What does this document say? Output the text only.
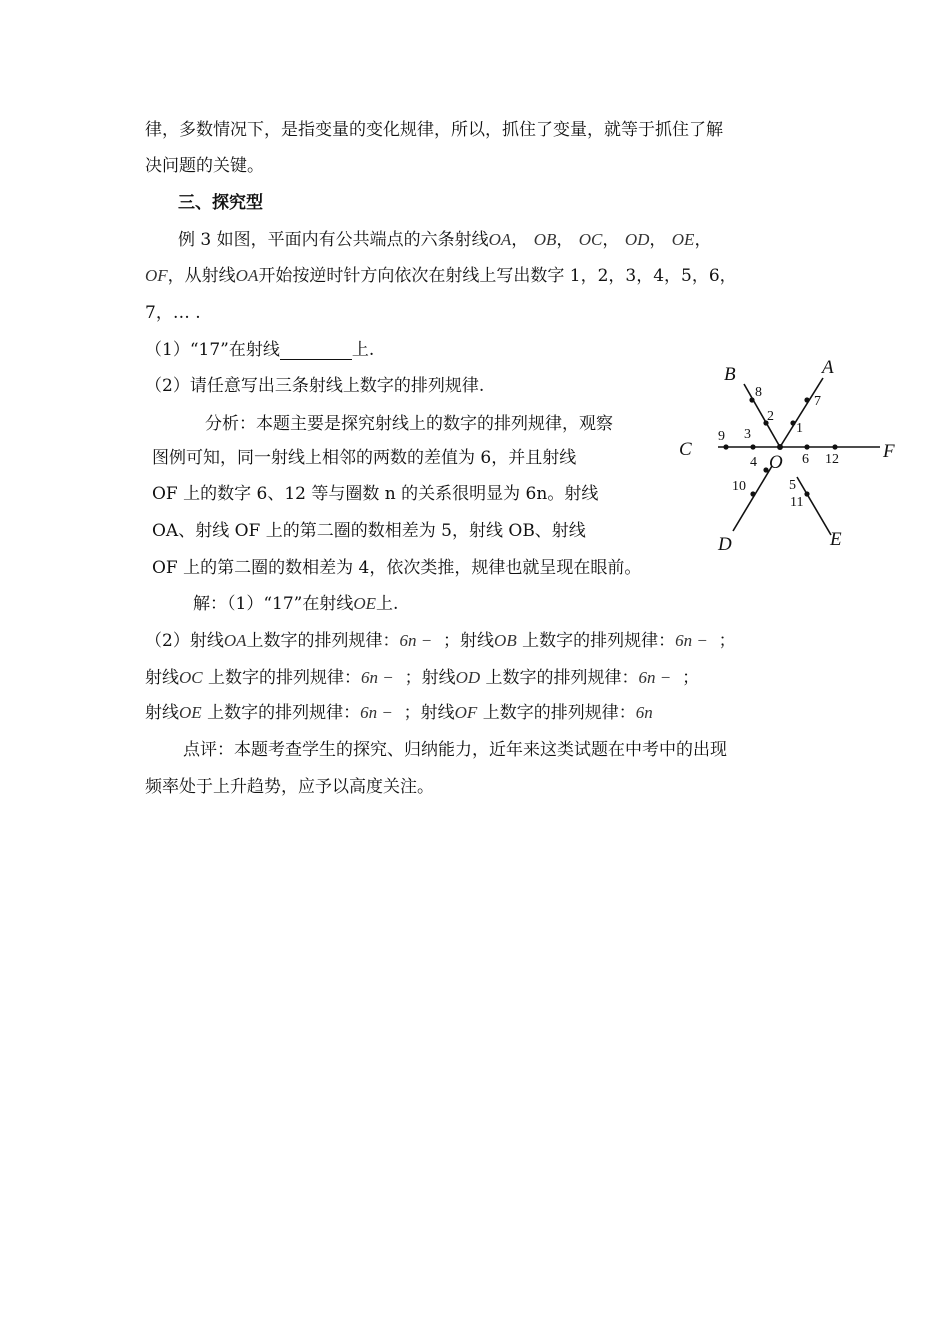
律，多数情况下，是指变量的变化规律，所以，抓住了变量，就等于抓住了解
决问题的关键。
三、探究型
例 3 如图，平面内有公共端点的六条射线OA， OB， OC， OD， OE，
OF，从射线OA开始按逆时针方向依次在射线上写出数字 1，2，3，4，5，6，
7，… .
（1）“17”在射线	上.
（2）请任意写出三条射线上数字的排列规律.
分析：本题主要是探究射线上的数字的排列规律，观察
图例可知，同一射线上相邻的两数的差值为 6，并且射线
OF 上的数字 6、12 等与圈数 n 的关系很明显为 6n。射线
OA、射线 OF 上的第二圈的数相差为 5，射线 OB、射线
OF 上的第二圈的数相差为 4，依次类推，规律也就呈现在眼前。
解：（1）“17”在射线OE上.
（2）射线OA上数字的排列规律：6n − ；射线OB 上数字的排列规律：6n − ；
射线OC 上数字的排列规律：6n − ；射线OD 上数字的排列规律：6n − ；
射线OE 上数字的排列规律：6n − ；射线OF 上数字的排列规律：6n
点评：本题考查学生的探究、归纳能力，近年来这类试题在中考中的出现
频率处于上升趋势，应予以高度关注。
A
B
C
D	E
F
O
1
2
3
4
5
6
7
8
9
10
11
12
